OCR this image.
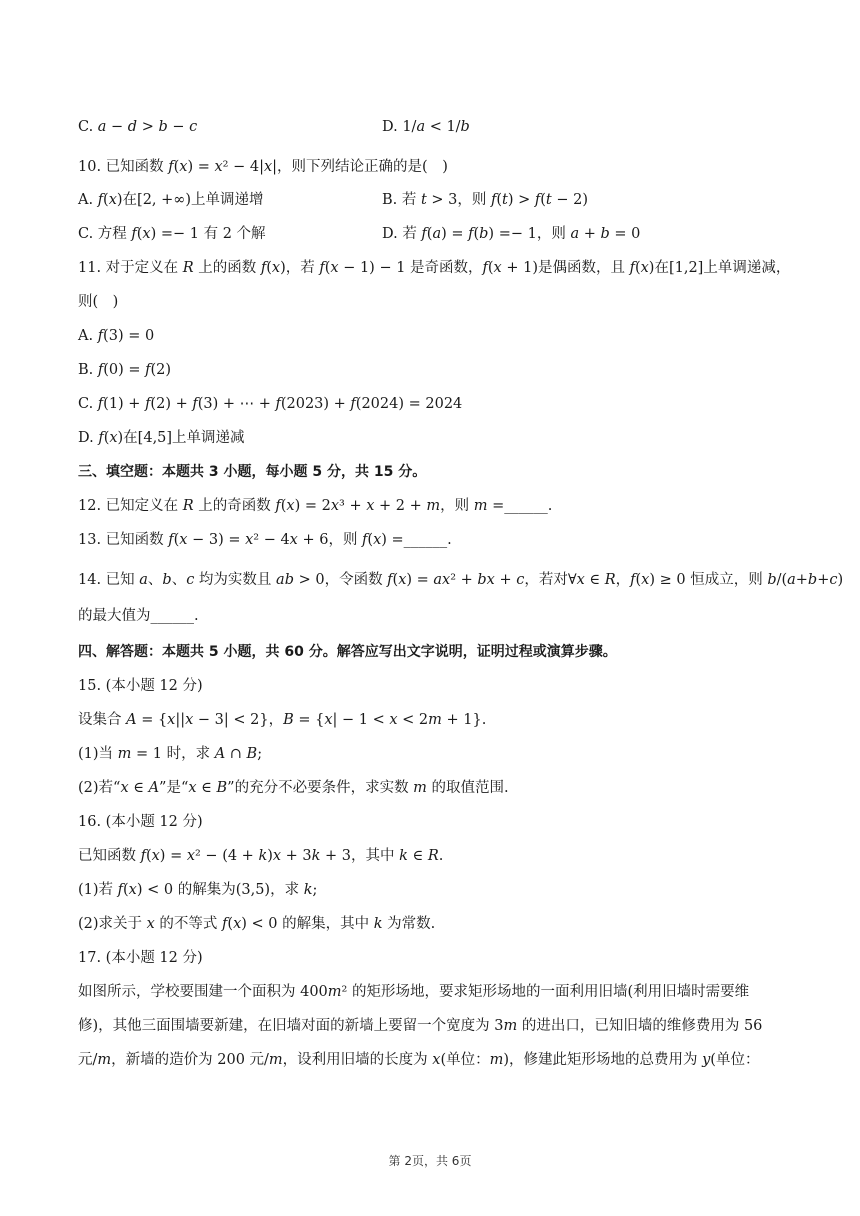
C. 𝑎 − 𝑑 > 𝑏 − 𝑐	D. 1/𝑎 < 1/𝑏
10. 已知函数 𝑓(𝑥) = 𝑥² − 4|𝑥|，则下列结论正确的是(　)
A. 𝑓(𝑥)在[2, +∞)上单调递增	B. 若 𝑡 > 3，则 𝑓(𝑡) > 𝑓(𝑡 − 2)
C. 方程 𝑓(𝑥) =− 1 有 2 个解	D. 若 𝑓(𝑎) = 𝑓(𝑏) =− 1，则 𝑎 + 𝑏 = 0
11. 对于定义在 𝑅 上的函数 𝑓(𝑥)，若 𝑓(𝑥 − 1) − 1 是奇函数，𝑓(𝑥 + 1)是偶函数，且 𝑓(𝑥)在[1,2]上单调递减，
则(　)
A. 𝑓(3) = 0
B. 𝑓(0) = 𝑓(2)
C. 𝑓(1) + 𝑓(2) + 𝑓(3) + ⋯ + 𝑓(2023) + 𝑓(2024) = 2024
D. 𝑓(𝑥)在[4,5]上单调递减
三、填空题：本题共 3 小题，每小题 5 分，共 15 分。
12. 已知定义在 𝑅 上的奇函数 𝑓(𝑥) = 2𝑥³ + 𝑥 + 2 + 𝑚，则 𝑚 =______.
13. 已知函数 𝑓(𝑥 − 3) = 𝑥² − 4𝑥 + 6，则 𝑓(𝑥) =______.
14. 已知 𝑎、𝑏、𝑐 均为实数且 𝑎𝑏 > 0，令函数 𝑓(𝑥) = 𝑎𝑥² + 𝑏𝑥 + 𝑐，若对∀𝑥 ∈ 𝑅，𝑓(𝑥) ≥ 0 恒成立，则 𝑏/(𝑎+𝑏+𝑐)
的最大值为______.
四、解答题：本题共 5 小题，共 60 分。解答应写出文字说明，证明过程或演算步骤。
15. (本小题 12 分)
设集合 𝐴 = {𝑥||𝑥 − 3| < 2}，𝐵 = {𝑥| − 1 < 𝑥 < 2𝑚 + 1}.
(1)当 𝑚 = 1 时，求 𝐴 ∩ 𝐵;
(2)若“𝑥 ∈ 𝐴”是“𝑥 ∈ 𝐵”的充分不必要条件，求实数 𝑚 的取值范围.
16. (本小题 12 分)
已知函数 𝑓(𝑥) = 𝑥² − (4 + 𝑘)𝑥 + 3𝑘 + 3，其中 𝑘 ∈ 𝑅.
(1)若 𝑓(𝑥) < 0 的解集为(3,5)，求 𝑘;
(2)求关于 𝑥 的不等式 𝑓(𝑥) < 0 的解集，其中 𝑘 为常数.
17. (本小题 12 分)
如图所示，学校要围建一个面积为 400𝑚² 的矩形场地，要求矩形场地的一面利用旧墙(利用旧墙时需要维
修)，其他三面围墙要新建，在旧墙对面的新墙上要留一个宽度为 3𝑚 的进出口，已知旧墙的维修费用为 56
元/𝑚，新墙的造价为 200 元/𝑚，设利用旧墙的长度为 𝑥(单位：𝑚)，修建此矩形场地的总费用为 𝑦(单位：
第 2页，共 6页
